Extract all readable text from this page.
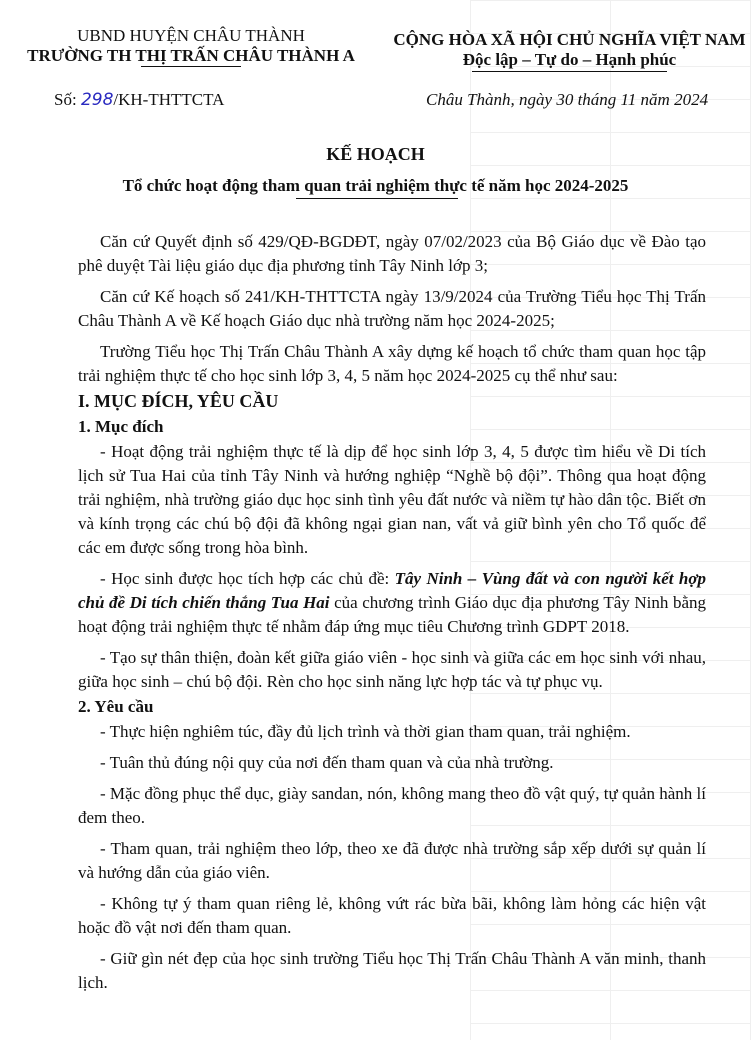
UBND HUYỆN CHÂU THÀNH
TRƯỜNG TH THỊ TRẤN CHÂU THÀNH A
CỘNG HÒA XÃ HỘI CHỦ NGHĨA VIỆT NAM
Độc lập – Tự do – Hạnh phúc
Số: 298/KH-THTTCTA	Châu Thành, ngày 30 tháng 11 năm 2024
KẾ HOẠCH
Tổ chức hoạt động tham quan trải nghiệm thực tế năm học 2024-2025

Căn cứ Quyết định số 429/QĐ-BGDĐT, ngày 07/02/2023 của Bộ Giáo dục về Đào tạo phê duyệt Tài liệu giáo dục địa phương tỉnh Tây Ninh lớp 3;

Căn cứ Kế hoạch số 241/KH-THTTCTA ngày 13/9/2024 của Trường Tiểu học Thị Trấn Châu Thành A về Kế hoạch Giáo dục nhà trường năm học 2024-2025;

Trường Tiểu học Thị Trấn Châu Thành A xây dựng kế hoạch tổ chức tham quan học tập trải nghiệm thực tế cho học sinh lớp 3, 4, 5 năm học 2024-2025 cụ thể như sau:

I. MỤC ĐÍCH, YÊU CẦU
1. Mục đích

- Hoạt động trải nghiệm thực tế là dịp để học sinh lớp 3, 4, 5 được tìm hiểu về Di tích lịch sử Tua Hai của tỉnh Tây Ninh và hướng nghiệp “Nghề bộ đội”. Thông qua hoạt động trải nghiệm, nhà trường giáo dục học sinh tình yêu đất nước và niềm tự hào dân tộc. Biết ơn và kính trọng các chú bộ đội đã không ngại gian nan, vất vả giữ bình yên cho Tổ quốc để các em được sống trong hòa bình.

- Học sinh được học tích hợp các chủ đề: Tây Ninh – Vùng đất và con người kết hợp chủ đề Di tích chiến thắng Tua Hai của chương trình Giáo dục địa phương Tây Ninh bằng hoạt động trải nghiệm thực tế nhằm đáp ứng mục tiêu Chương trình GDPT 2018.

- Tạo sự thân thiện, đoàn kết giữa giáo viên - học sinh và giữa các em học sinh với nhau, giữa học sinh – chú bộ đội. Rèn cho học sinh năng lực hợp tác và tự phục vụ.

2. Yêu cầu

- Thực hiện nghiêm túc, đầy đủ lịch trình và thời gian tham quan, trải nghiệm.

- Tuân thủ đúng nội quy của nơi đến tham quan và của nhà trường.

- Mặc đồng phục thể dục, giày sandan, nón, không mang theo đồ vật quý, tự quản hành lí đem theo.

- Tham quan, trải nghiệm theo lớp, theo xe đã được nhà trường sắp xếp dưới sự quản lí và hướng dẫn của giáo viên.

- Không tự ý tham quan riêng lẻ, không vứt rác bừa bãi, không làm hỏng các hiện vật hoặc đồ vật nơi đến tham quan.

- Giữ gìn nét đẹp của học sinh trường Tiểu học Thị Trấn Châu Thành A văn minh, thanh lịch.
